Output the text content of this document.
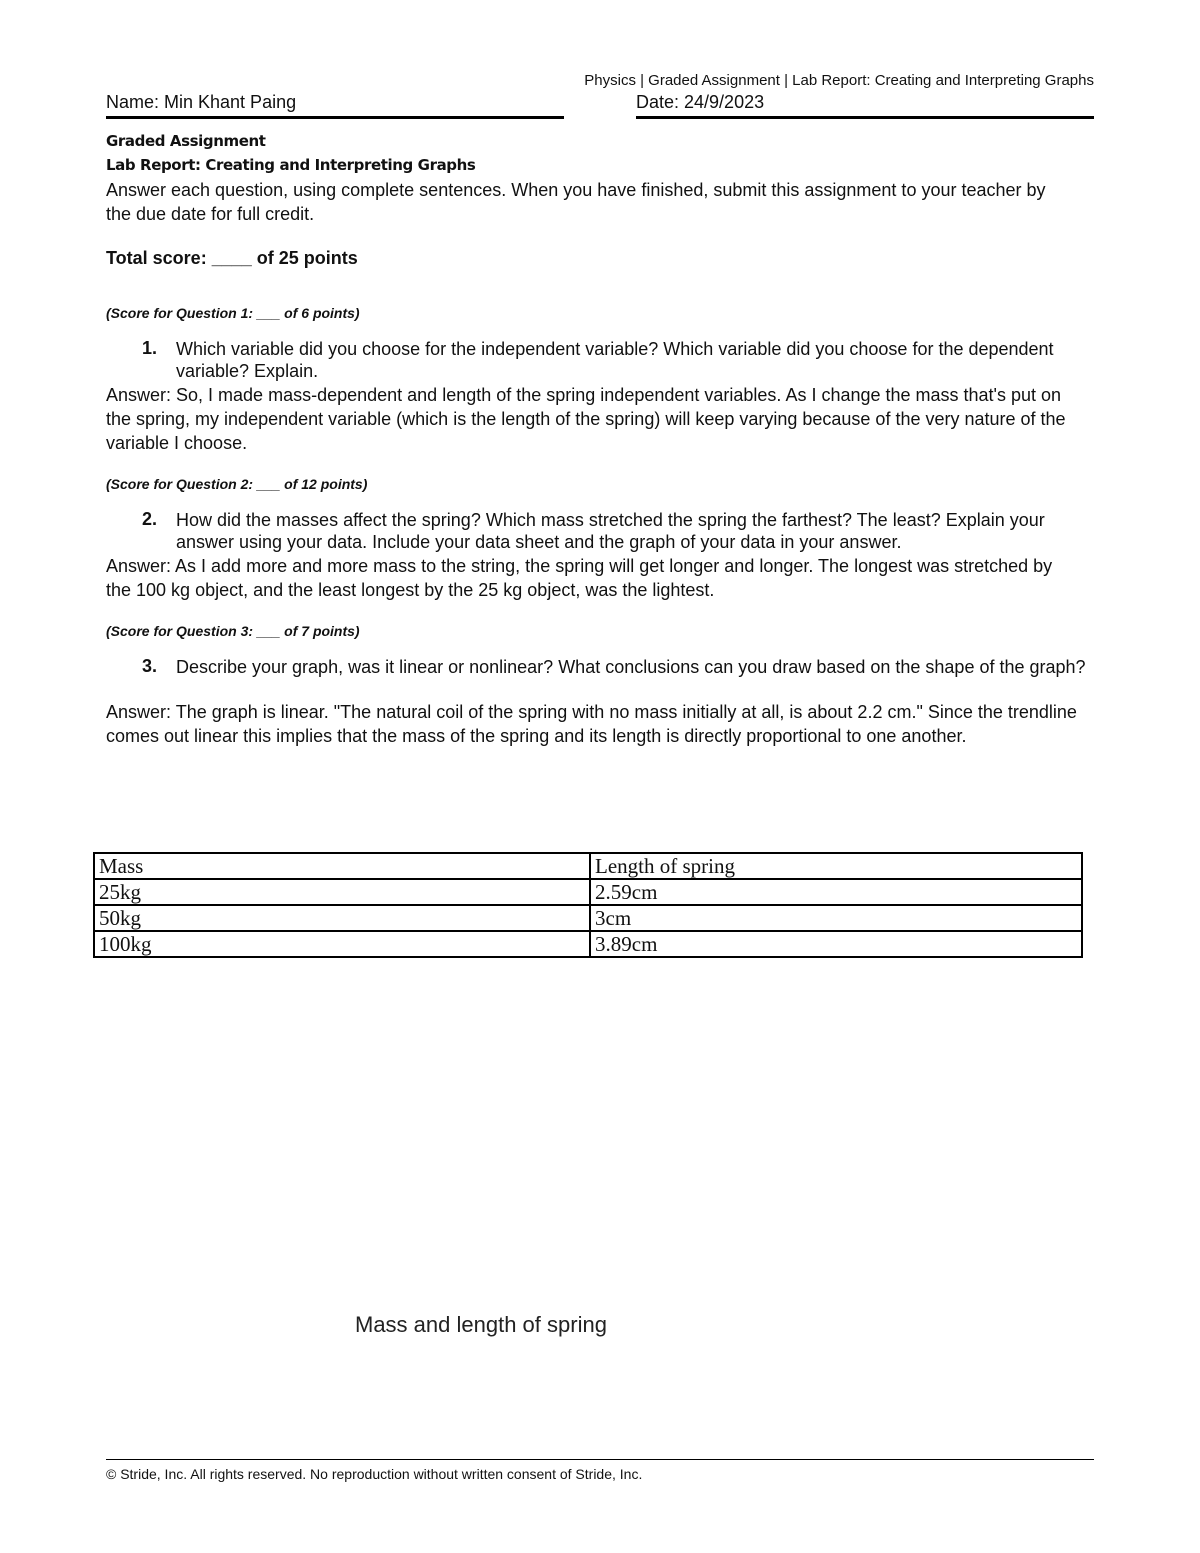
Physics | Graded Assignment | Lab Report: Creating and Interpreting Graphs
Name: Min Khant Paing	Date: 24/9/2023
Graded Assignment
Lab Report: Creating and Interpreting Graphs
Answer each question, using complete sentences. When you have finished, submit this assignment to your teacher by the due date for full credit.
Total score: ____ of 25 points
(Score for Question 1: ___ of 6 points)
1. Which variable did you choose for the independent variable? Which variable did you choose for the dependent variable? Explain.
Answer: So, I made mass-dependent and length of the spring independent variables. As I change the mass that's put on the spring, my independent variable (which is the length of the spring) will keep varying because of the very nature of the variable I choose.
(Score for Question 2: ___ of 12 points)
2. How did the masses affect the spring? Which mass stretched the spring the farthest? The least? Explain your answer using your data. Include your data sheet and the graph of your data in your answer.
Answer: As I add more and more mass to the string, the spring will get longer and longer. The longest was stretched by the 100 kg object, and the least longest by the 25 kg object, was the lightest.
(Score for Question 3: ___ of 7 points)
3. Describe your graph, was it linear or nonlinear? What conclusions can you draw based on the shape of the graph?
Answer: The graph is linear. "The natural coil of the spring with no mass initially at all, is about 2.2 cm." Since the trendline comes out linear this implies that the mass of the spring and its length is directly proportional to one another.
Mass	Length of spring
25kg	2.59cm
50kg	3cm
100kg	3.89cm
Mass and length of spring
© Stride, Inc. All rights reserved. No reproduction without written consent of Stride, Inc.
